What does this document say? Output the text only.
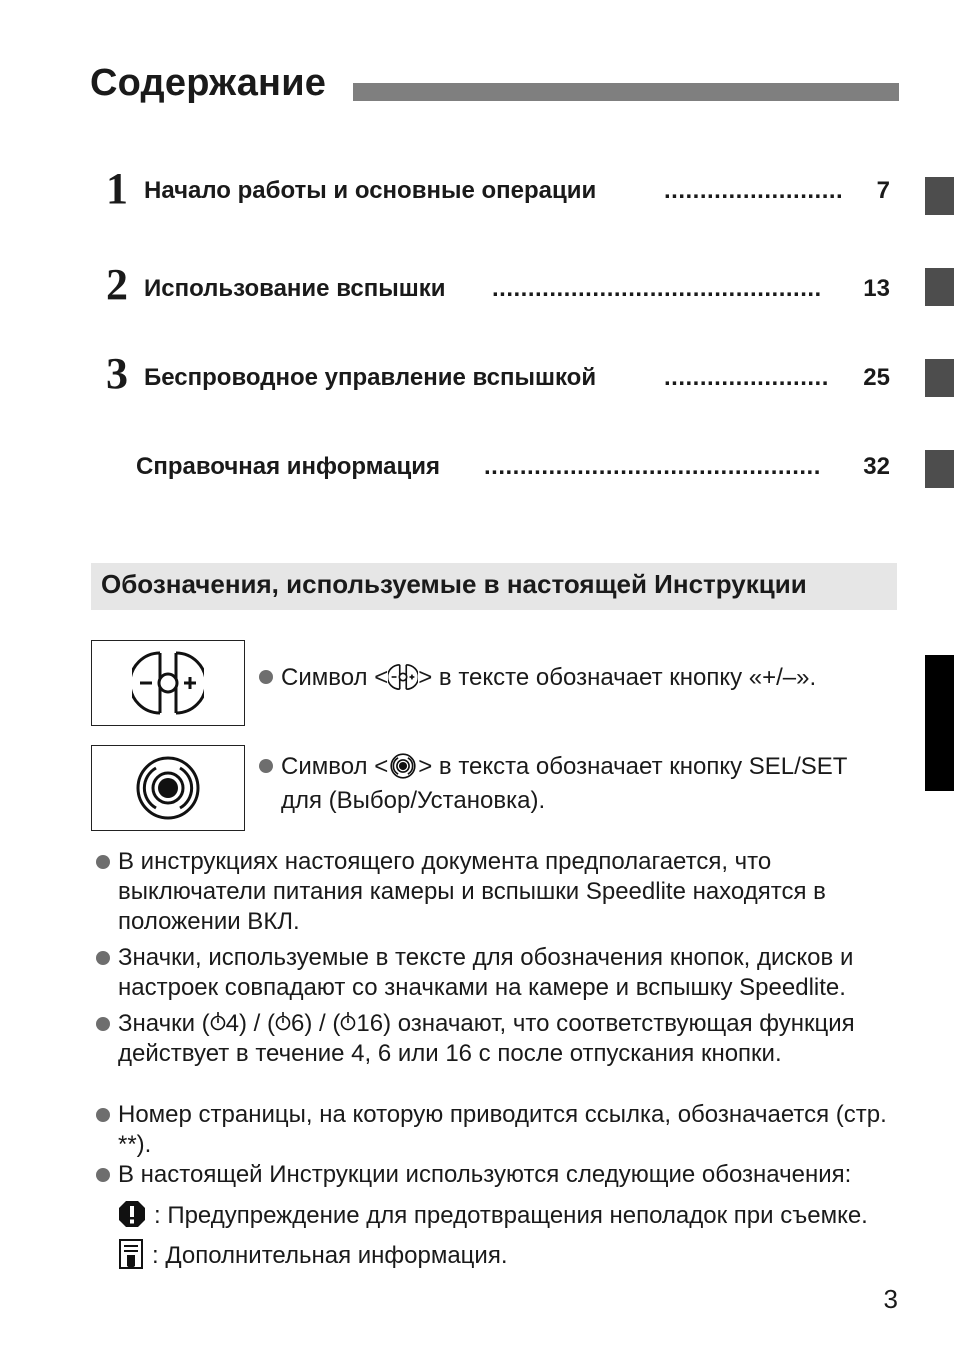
Содержание
1 Начало работы и основные операции	.........................	7
2 Использование вспышки ..............................................	13
3 Беспроводное управление вспышкой	.......................	25
Справочная информация ...............................................	32
Обозначения, используемые в настоящей Инструкции
Символ < > в тексте обозначает кнопку «+/–».
Символ < > в текста обозначает кнопку SEL/SET
для (Выбор/Установка).
В инструкциях настоящего документа предполагается, что выключатели питания камеры и вспышки Speedlite находятся в положении ВКЛ.
Значки, используемые в тексте для обозначения кнопок, дисков и настроек совпадают со значками на камере и вспышку Speedlite.
Значки ( 4) / ( 6) / ( 16) означают, что соответствующая функция действует в течение 4, 6 или 16 с после отпускания кнопки.
Номер страницы, на которую приводится ссылка, обозначается (стр. **).
В настоящей Инструкции используются следующие обозначения:
: Предупреждение для предотвращения неполадок при съемке.
: Дополнительная информация.
3
